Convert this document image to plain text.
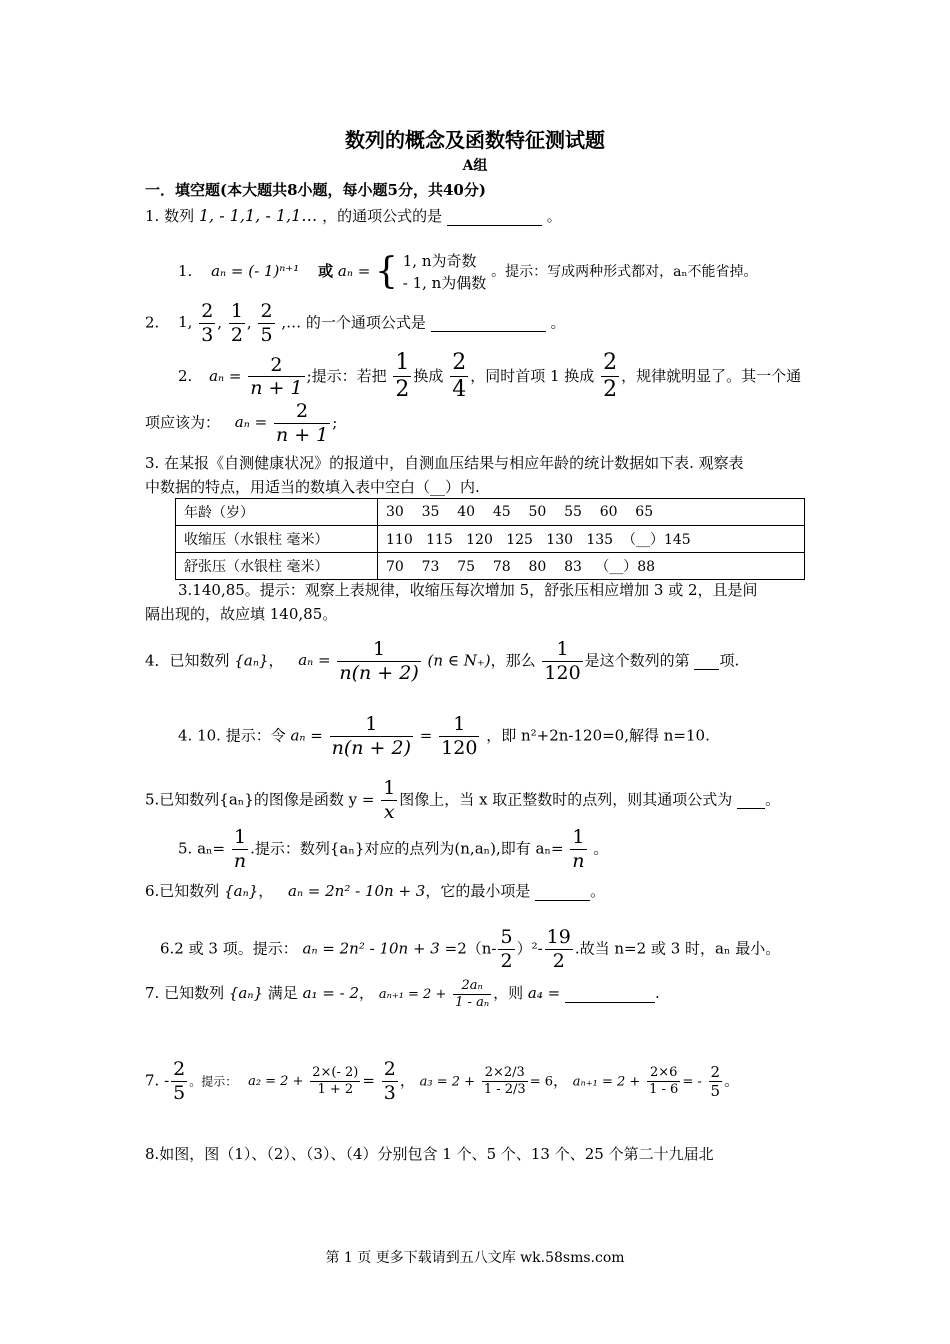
数列的概念及函数特征测试题
A组
一．填空题(本大题共8小题，每小题5分，共40分)
1. 数列 1, - 1,1, - 1,1… ，的通项公式的是	。
1. aₙ = (- 1)ⁿ⁺¹ 或 aₙ = { 1, n为奇数
- 1, n为偶数
。提示：写成两种形式都对，aₙ不能省掉。
2. 1, $\frac{2}{3}$ , $\frac{1}{2}$ , $\frac{2}{5}$ ,… 的一个通项公式是	。
2. $a_n = \frac{2}{n + 1}$ ;提示：若把 $\frac{1}{2}$ 换成 $\frac{2}{4}$ ，同时首项 1 换成 $\frac{2}{2}$ ，规律就明显了。其一个通
项应该为： $a_n = \frac{2}{n + 1}$ ;
3. 在某报《自测健康状况》的报道中，自测血压结果与相应年龄的统计数据如下表. 观察表
中数据的特点，用适当的数填入表中空白（__）内.
年龄（岁）	30    35    40    45    50    55    60    65
收缩压（水银柱 毫米）	110   115   120   125   130   135  （__）145
舒张压（水银柱 毫米）	70    73    75    78    80    83   （__）88
3.140,85。提示：观察上表规律，收缩压每次增加 5，舒张压相应增加 3 或 2，且是间
隔出现的，故应填 140,85。
4．已知数列 {aₙ}， $a_n = \frac{1}{n(n + 2)} (n$ ∈ N₊)，那么 $\frac{1}{120}$ 是这个数列的第 项.
4. 10. 提示：令 $a_n = \frac{1}{n(n + 2)} = \frac{1}{120}$ ，即 n²+2n-120=0,解得 n=10.
5.已知数列{aₙ}的图像是函数 $y = \frac{1}{x}$ 图像上，当 x 取正整数时的点列，则其通项公式为 。
5. $a_n= \frac{1}{n}$ .提示：数列{aₙ}对应的点列为(n,aₙ),即有 $a_n= \frac{1}{n}$ 。
6.已知数列 {aₙ}， aₙ = 2n² - 10n + 3，它的最小项是	。
6.2 或 3 项。提示： $a_n = 2n^2 - 10n + 3 =2(n- \frac{5}{2} )^2- \frac{19}{2}$ .故当 n=2 或 3 时，aₙ 最小。
7. 已知数列 {aₙ} 满足 a₁ = - 2， $a_{n+1} = 2 + \frac{\text{2aₙ}}{\text{1 - aₙ}}$ ，则 a₄ =	.
7. - $\frac{2}{5}$ 。提示： $a_2 = 2 + \frac{2\times(- 2)}{1 + 2} = \frac{2}{3}$ ， $a_3 = 2 + \frac{2\times 2/3}{1 - 2/3} = 6$， $a_{n+1} = 2 + \frac{2\times 6}{1 - 6}$ = - $\frac{2}{5}$ 。
8.如图，图（1）、（2）、（3）、（4）分别包含 1 个、5 个、13 个、25 个第二十九届北
第 1 页 更多下载请到五八文库 wk.58sms.com
